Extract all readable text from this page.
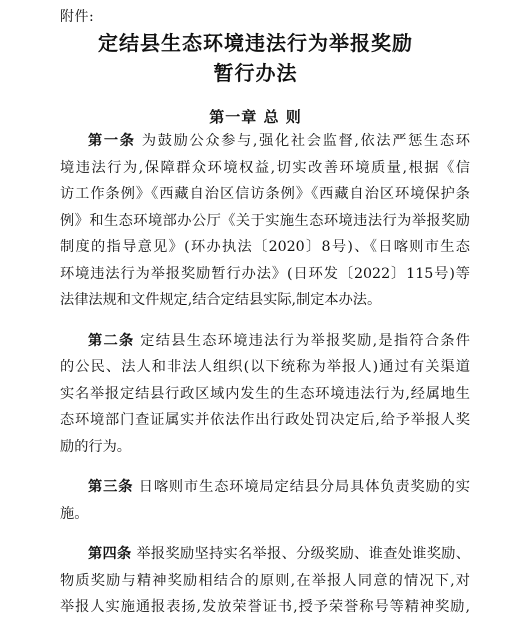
附件:
定结县生态环境违法行为举报奖励
暂行办法
第一章 总 则
第一条 为鼓励公众参与,强化社会监督,依法严惩生态环
境违法行为,保障群众环境权益,切实改善环境质量,根据《信
访工作条例》《西藏自治区信访条例》《西藏自治区环境保护条
例》和生态环境部办公厅《关于实施生态环境违法行为举报奖励
制度的指导意见》(环办执法〔2020〕8号)、《日喀则市生态
环境违法行为举报奖励暂行办法》(日环发〔2022〕115号)等
法律法规和文件规定,结合定结县实际,制定本办法。
第二条 定结县生态环境违法行为举报奖励,是指符合条件
的公民、法人和非法人组织(以下统称为举报人)通过有关渠道
实名举报定结县行政区域内发生的生态环境违法行为,经属地生
态环境部门查证属实并依法作出行政处罚决定后,给予举报人奖
励的行为。
第三条 日喀则市生态环境局定结县分局具体负责奖励的实
施。
第四条 举报奖励坚持实名举报、分级奖励、谁查处谁奖励、
物质奖励与精神奖励相结合的原则,在举报人同意的情况下,对
举报人实施通报表扬,发放荣誉证书,授予荣誉称号等精神奖励,
